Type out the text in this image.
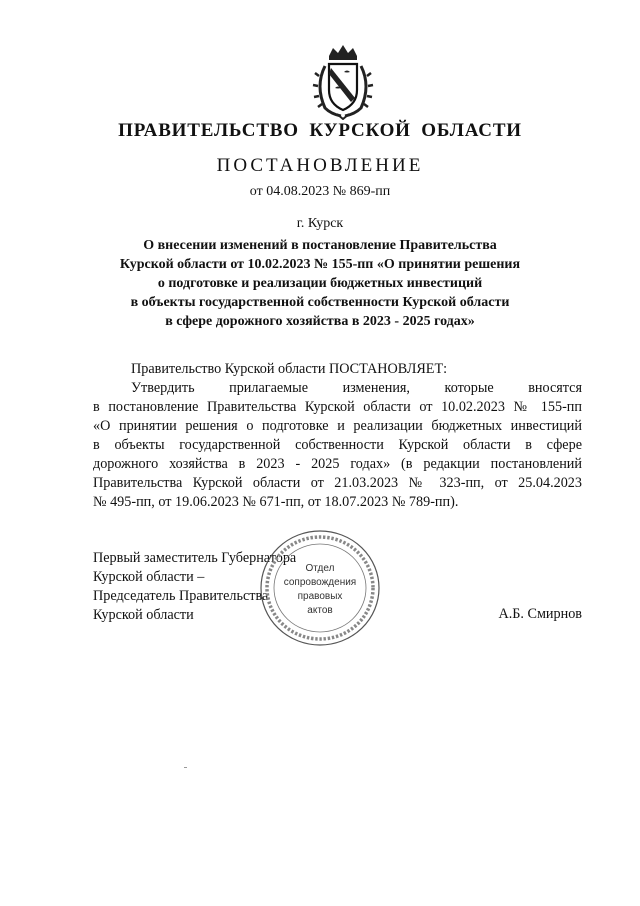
ПРАВИТЕЛЬСТВО КУРСКОЙ ОБЛАСТИ
ПОСТАНОВЛЕНИЕ
от 04.08.2023 № 869-пп
г. Курск
О внесении изменений в постановление Правительства
Курской области от 10.02.2023 № 155-пп «О принятии решения
о подготовке и реализации бюджетных инвестиций
в объекты государственной собственности Курской области
в сфере дорожного хозяйства в 2023 - 2025 годах»

Правительство Курской области ПОСТАНОВЛЯЕТ:

Утвердить прилагаемые изменения, которые вносятся

в постановление Правительства Курской области от 10.02.2023 № 155-пп

«О принятии решения о подготовке и реализации бюджетных инвестиций

в объекты государственной собственности Курской области в сфере

дорожного хозяйства в 2023 - 2025 годах» (в редакции постановлений

Правительства Курской области от 21.03.2023 № 323-пп, от 25.04.2023

№ 495-пп, от 19.06.2023 № 671-пп, от 18.07.2023 № 789-пп).

Первый заместитель Губернатора
Курской области –
Председатель Правительства
Курской области	А.Б. Смирнов
Отдел
сопровождения
правовых
актов
